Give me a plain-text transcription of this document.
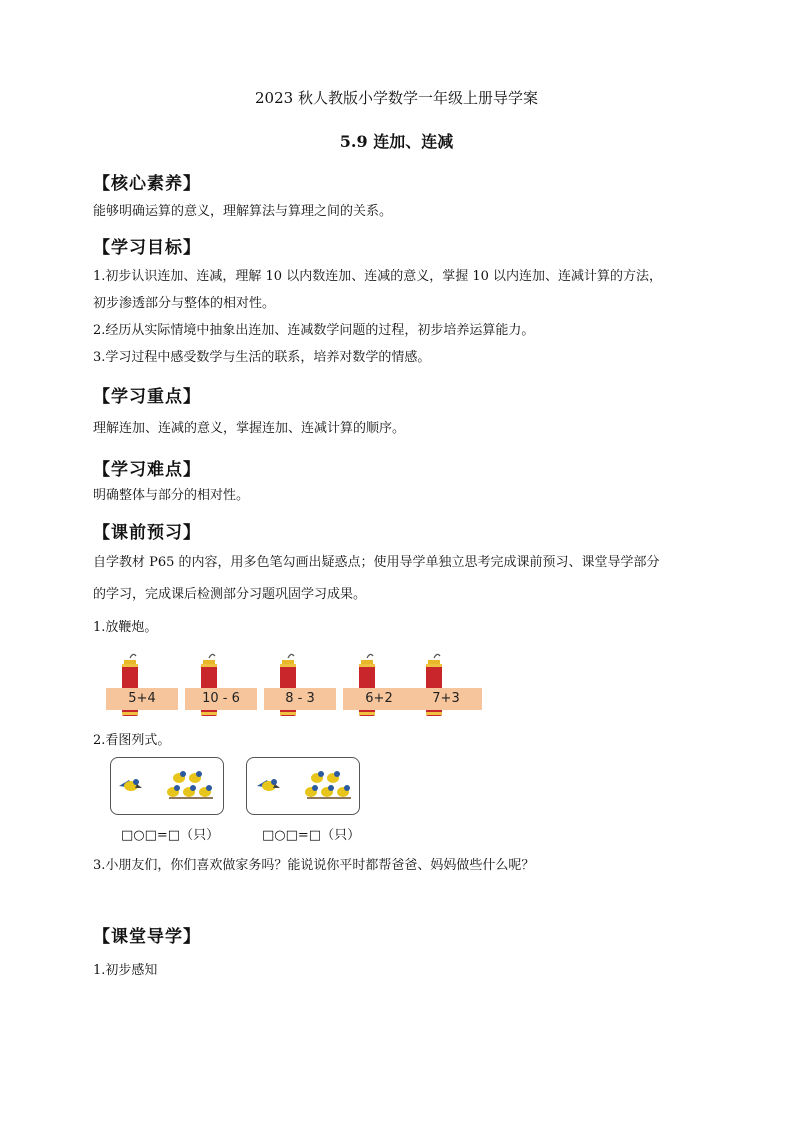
2023 秋人教版小学数学一年级上册导学案
5.9 连加、连减
【核心素养】
能够明确运算的意义，理解算法与算理之间的关系。
【学习目标】
1.初步认识连加、连减，理解 10 以内数连加、连减的意义，掌握 10 以内连加、连减计算的方法，
初步渗透部分与整体的相对性。
2.经历从实际情境中抽象出连加、连减数学问题的过程，初步培养运算能力。
3.学习过程中感受数学与生活的联系，培养对数学的情感。
【学习重点】
理解连加、连减的意义，掌握连加、连减计算的顺序。
【学习难点】
明确整体与部分的相对性。
【课前预习】
自学教材 P65 的内容，用多色笔勾画出疑惑点；使用导学单独立思考完成课前预习、课堂导学部分
的学习，完成课后检测部分习题巩固学习成果。
1.放鞭炮。
5+4	10 - 6	8 - 3	6+2	7+3
2.看图列式。
□○□=□（只）	□○□=□（只）
3.小朋友们，你们喜欢做家务吗？能说说你平时都帮爸爸、妈妈做些什么呢？
【课堂导学】
1.初步感知
